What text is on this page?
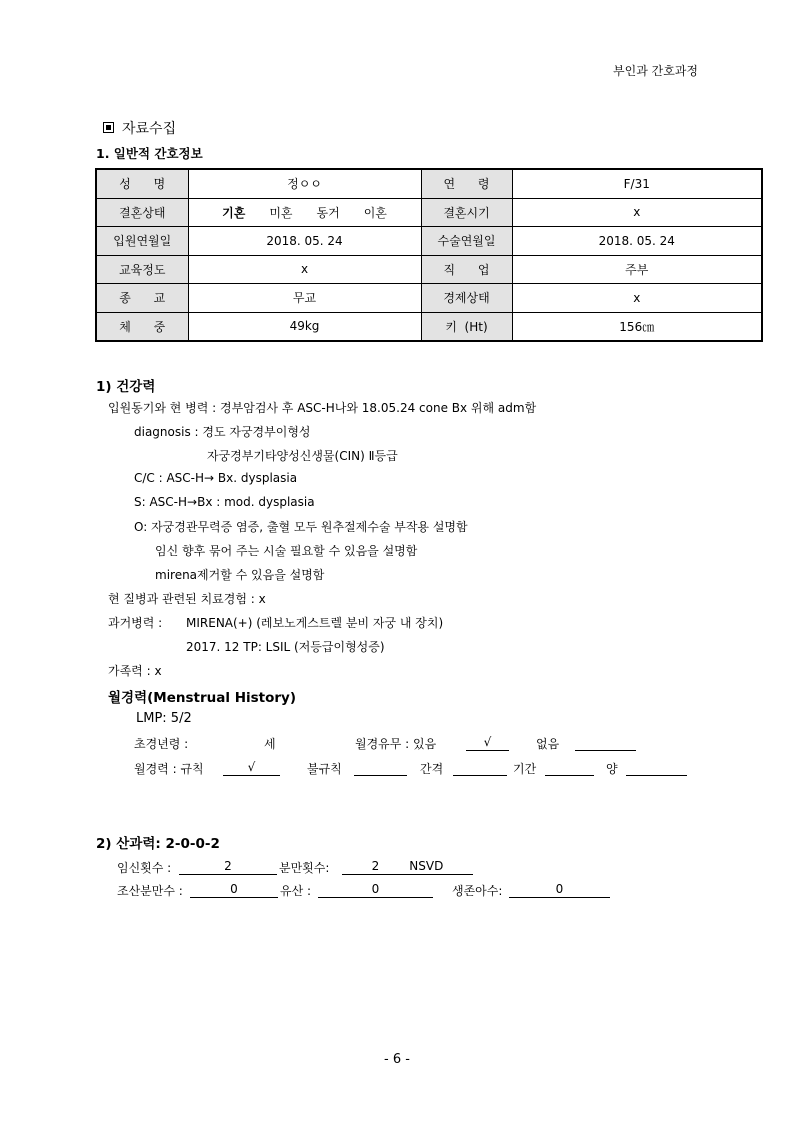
부인과 간호과정
자료수집
1. 일반적 간호정보
성      명	정ㅇㅇ	연      령	F/31
결혼상태	기혼 미혼 동거 이혼	결혼시기	x
입원연월일	2018. 05. 24	수술연월일	2018. 05. 24
교육정도	x	직      업	주부
종      교	무교	경제상태	x
체      중	49kg	키  (Ht)	156㎝
1) 건강력
입원동기와 현 병력 : 경부암검사 후 ASC-H나와 18.05.24 cone Bx 위해 adm함
diagnosis : 경도 자궁경부이형성
자궁경부기타양성신생물(CIN) Ⅱ등급
C/C : ASC-H→ Bx. dysplasia
S: ASC-H→Bx : mod. dysplasia
O: 자궁경관무력증 염증, 출혈 모두 원추절제수술 부작용 설명함
임신 향후 묶어 주는 시술 필요할 수 있음을 설명함
mirena제거할 수 있음을 설명함
현 질병과 관련된 치료경험 : x
과거병력 : MIRENA(+) (레보노게스트렐 분비 자궁 내 장치)
2017. 12 TP: LSIL (저등급이형성증)
가족력 : x
월경력(Menstrual History)
LMP: 5/2
초경년령 :	세	월경유무 : 있음	√	없음
월경력 : 규칙	√	불규칙	간격	기간	양
2) 산과력: 2-0-0-2
임신횟수 :	2	분만횟수:	2	NSVD
조산분만수 :	0	유산 :	0	생존아수:	0
- 6 -
